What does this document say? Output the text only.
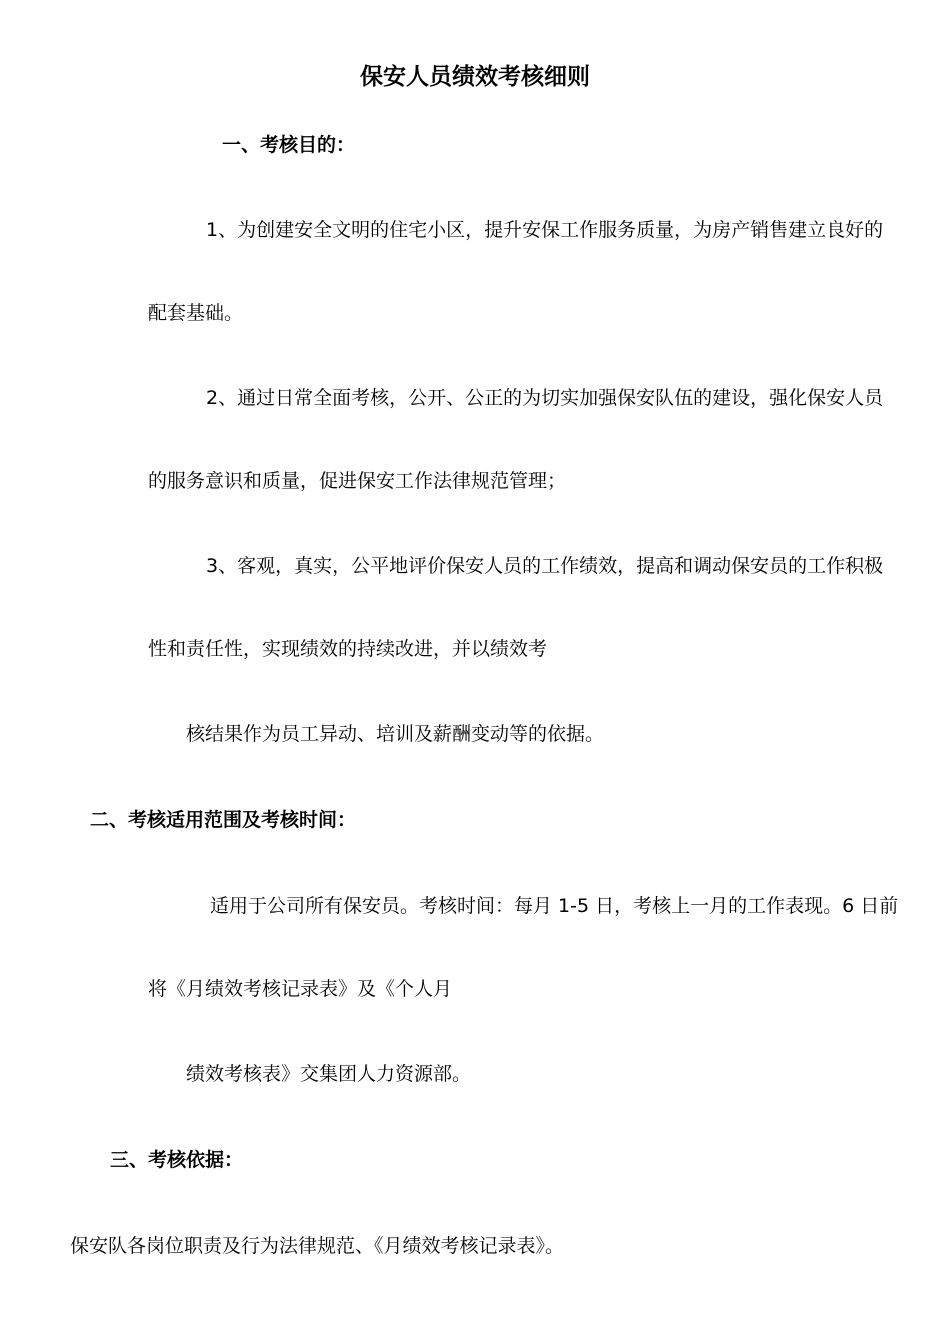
保安人员绩效考核细则
一、考核目的：
1、为创建安全文明的住宅小区，提升安保工作服务质量，为房产销售建立良好的
配套基础。
2、通过日常全面考核，公开、公正的为切实加强保安队伍的建设，强化保安人员
的服务意识和质量，促进保安工作法律规范管理；
3、客观，真实，公平地评价保安人员的工作绩效，提高和调动保安员的工作积极
性和责任性，实现绩效的持续改进，并以绩效考
核结果作为员工异动、培训及薪酬变动等的依据。
二、考核适用范围及考核时间：
适用于公司所有保安员。考核时间：每月 1-5 日，考核上一月的工作表现。6 日前
将《月绩效考核记录表》及《个人月
绩效考核表》交集团人力资源部。
三、考核依据：
保安队各岗位职责及行为法律规范、《月绩效考核记录表》。
